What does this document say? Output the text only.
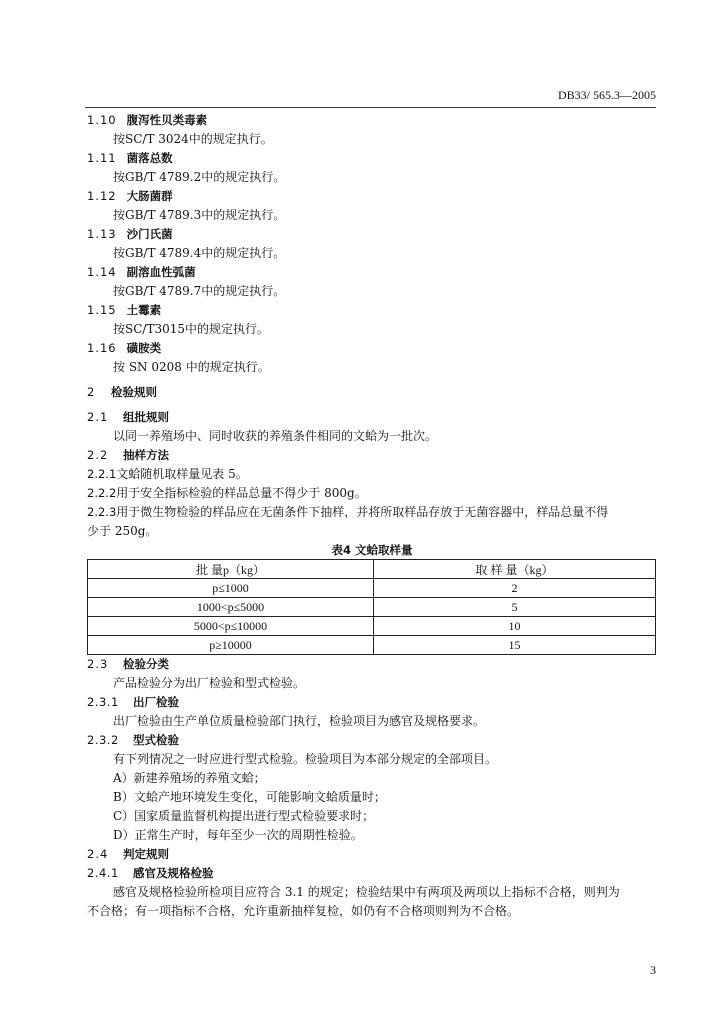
DB33/ 565.3—2005
1.10 腹泻性贝类毒素
按SC/T 3024中的规定执行。
1.11 菌落总数
按GB/T 4789.2中的规定执行。
1.12 大肠菌群
按GB/T 4789.3中的规定执行。
1.13 沙门氏菌
按GB/T 4789.4中的规定执行。
1.14 副溶血性弧菌
按GB/T 4789.7中的规定执行。
1.15 土霉素
按SC/T3015中的规定执行。
1.16 磺胺类
按 SN 0208 中的规定执行。
2 检验规则
2.1 组批规则
以同一养殖场中、同时收获的养殖条件相同的文蛤为一批次。
2.2 抽样方法
2.2.1文蛤随机取样量见表 5。
2.2.2用于安全指标检验的样品总量不得少于 800g。
2.2.3用于微生物检验的样品应在无菌条件下抽样，并将所取样品存放于无菌容器中，样品总量不得
少于 250g。
表4 文蛤取样量
批 量p（kg）	取 样 量（kg）
p≤1000	2
1000<p≤5000	5
5000<p≤10000	10
p≥10000	15
2.3 检验分类
产品检验分为出厂检验和型式检验。
2.3.1 出厂检验
出厂检验由生产单位质量检验部门执行，检验项目为感官及规格要求。
2.3.2 型式检验
有下列情况之一时应进行型式检验。检验项目为本部分规定的全部项目。
A）新建养殖场的养殖文蛤；
B）文蛤产地环境发生变化，可能影响文蛤质量时；
C）国家质量监督机构提出进行型式检验要求时；
D）正常生产时，每年至少一次的周期性检验。
2.4 判定规则
2.4.1 感官及规格检验
感官及规格检验所检项目应符合 3.1 的规定；检验结果中有两项及两项以上指标不合格，则判为
不合格；有一项指标不合格，允许重新抽样复检，如仍有不合格项则判为不合格。
3
